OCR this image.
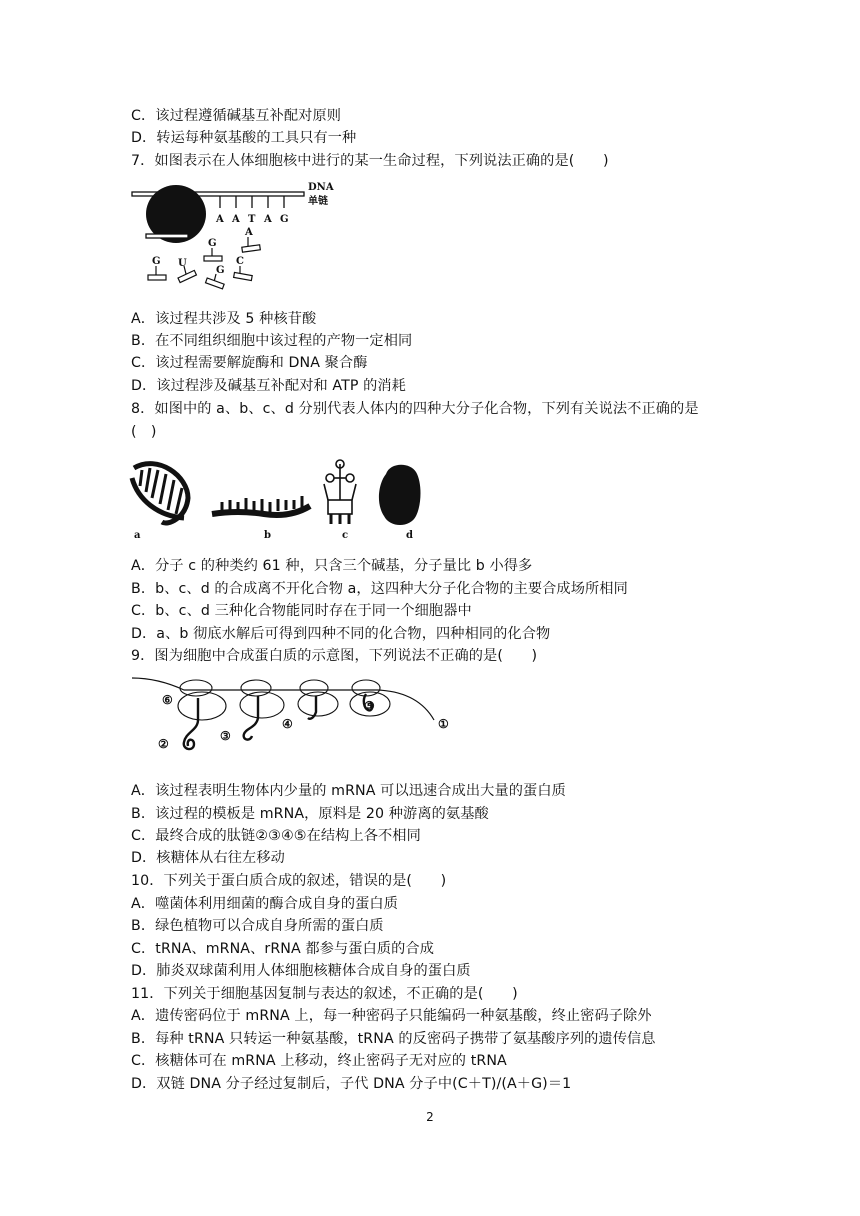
C．该过程遵循碱基互补配对原则
D．转运每种氨基酸的工具只有一种
7．如图表示在人体细胞核中进行的某一生命过程，下列说法正确的是(　　)
A A T A G
DNA
单链
A
G
G U
G
C
A．该过程共涉及 5 种核苷酸
B．在不同组织细胞中该过程的产物一定相同
C．该过程需要解旋酶和 DNA 聚合酶
D．该过程涉及碱基互补配对和 ATP 的消耗
8．如图中的 a、b、c、d 分别代表人体内的四种大分子化合物，下列有关说法不正确的是
(　)
a	b	c	d
A．分子 c 的种类约 61 种，只含三个碱基，分子量比 b 小得多
B．b、c、d 的合成离不开化合物 a，这四种大分子化合物的主要合成场所相同
C．b、c、d 三种化合物能同时存在于同一个细胞器中
D．a、b 彻底水解后可得到四种不同的化合物，四种相同的化合物
9．图为细胞中合成蛋白质的示意图，下列说法不正确的是(　　)
①
②
③
④
⑤
⑥
A．该过程表明生物体内少量的 mRNA 可以迅速合成出大量的蛋白质
B．该过程的模板是 mRNA，原料是 20 种游离的氨基酸
C．最终合成的肽链②③④⑤在结构上各不相同
D．核糖体从右往左移动
10．下列关于蛋白质合成的叙述，错误的是(　　)
A．噬菌体利用细菌的酶合成自身的蛋白质
B．绿色植物可以合成自身所需的蛋白质
C．tRNA、mRNA、rRNA 都参与蛋白质的合成
D．肺炎双球菌利用人体细胞核糖体合成自身的蛋白质
11．下列关于细胞基因复制与表达的叙述，不正确的是(　　)
A．遗传密码位于 mRNA 上，每一种密码子只能编码一种氨基酸，终止密码子除外
B．每种 tRNA 只转运一种氨基酸，tRNA 的反密码子携带了氨基酸序列的遗传信息
C．核糖体可在 mRNA 上移动，终止密码子无对应的 tRNA
D．双链 DNA 分子经过复制后，子代 DNA 分子中(C＋T)/(A＋G)＝1
2
